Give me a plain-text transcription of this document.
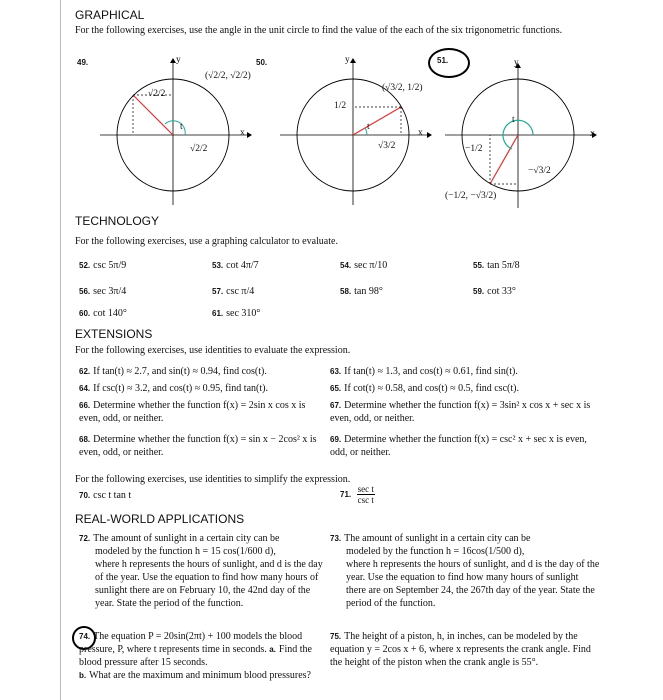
GRAPHICAL
For the following exercises, use the angle in the unit circle to find the value of the each of the six trigonometric functions.
49.
x
y
t
(√2/2, √2/2)
√2/2
√2/2
50.
x
y
t
(√3/2, 1/2)
1/2
√3/2
51.
x
y
t
−1/2
−√3/2
(−1/2, −√3/2)
TECHNOLOGY
For the following exercises, use a graphing calculator to evaluate.
52. csc 5π/9	53. cot 4π/7	54. sec π/10	55. tan 5π/8
56. sec 3π/4	57. csc π/4	58. tan 98°	59. cot 33°
60. cot 140°	61. sec 310°
EXTENSIONS
For the following exercises, use identities to evaluate the expression.
62. If tan(t) ≈ 2.7, and sin(t) ≈ 0.94, find cos(t).	63. If tan(t) ≈ 1.3, and cos(t) ≈ 0.61, find sin(t).
64. If csc(t) ≈ 3.2, and cos(t) ≈ 0.95, find tan(t).	65. If cot(t) ≈ 0.58, and cos(t) ≈ 0.5, find csc(t).
66. Determine whether the function f(x) = 2sin x cos x is even, odd, or neither.
67. Determine whether the function f(x) = 3sin² x cos x + sec x is even, odd, or neither.
68. Determine whether the function f(x) = sin x − 2cos² x is even, odd, or neither.
69. Determine whether the function f(x) = csc² x + sec x is even, odd, or neither.
For the following exercises, use identities to simplify the expression.
70. csc t tan t	71.
sec t
csc t
REAL-WORLD APPLICATIONS
72. The amount of sunlight in a certain city can be
modeled by the function h = 15 cos(1/600 d),

where h represents the hours of sunlight, and d is the day of the year. Use the equation to find how many hours of sunlight there are on February 10, the 42nd day of the year. State the period of the function.
73. The amount of sunlight in a certain city can be
modeled by the function h = 16cos(1/500 d),

where h represents the hours of sunlight, and d is the day of the year. Use the equation to find how many hours of sunlight there are on September 24, the 267th day of the year. State the period of the function.
74. The equation P = 20sin(2πt) + 100 models the blood pressure, P, where t represents time in seconds. a. Find the blood pressure after 15 seconds.
b. What are the maximum and minimum blood pressures?
75. The height of a piston, h, in inches, can be modeled by the equation y = 2cos x + 6, where x represents the crank angle. Find the height of the piston when the crank angle is 55°.
